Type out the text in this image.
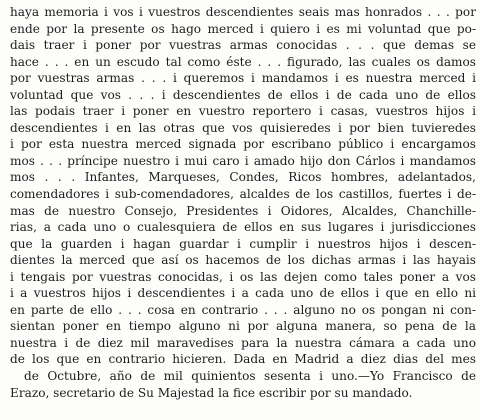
haya memoria i vos i vuestros descendientes seais mas honrados . . . por
ende por la presente os hago merced i quiero i es mi voluntad que po-
dais traer i poner por vuestras armas conocidas . . . que demas se
hace . . . en un escudo tal como éste . . . figurado, las cuales os damos
por vuestras armas . . . i queremos i mandamos i es nuestra merced i
voluntad que vos . . . i descendientes de ellos i de cada uno de ellos
las podais traer i poner en vuestro reportero i casas, vuestros hijos i
descendientes i en las otras que vos quisieredes i por bien tuvieredes
i por esta nuestra merced signada por escribano público i encargamos
mos . . . príncipe nuestro i mui caro i amado hijo don Cárlos i mandamos
mos . . . Infantes, Marqueses, Condes, Ricos hombres, adelantados,
comendadores i sub-comendadores, alcaldes de los castillos, fuertes i de-
mas de nuestro Consejo, Presidentes i Oidores, Alcaldes, Chanchille-
rias, a cada uno o cualesquiera de ellos en sus lugares i jurisdicciones
que la guarden i hagan guardar i cumplir i nuestros hijos i descen-
dientes la merced que así os hacemos de los dichas armas i las hayais
i tengais por vuestras conocidas, i os las dejen como tales poner a vos
i a vuestros hijos i descendientes i a cada uno de ellos i que en ello ni
en parte de ello . . . cosa en contrario . . . alguno no os pongan ni con-
sientan poner en tiempo alguno ni por alguna manera, so pena de la
nuestra i de diez mil maravedises para la nuestra cámara a cada uno
de los que en contrario hicieren. Dada en Madrid a diez dias del mes
de Octubre, año de mil quinientos sesenta i uno.—Yo Francisco de
Erazo, secretario de Su Majestad la fice escribir por su mandado.
